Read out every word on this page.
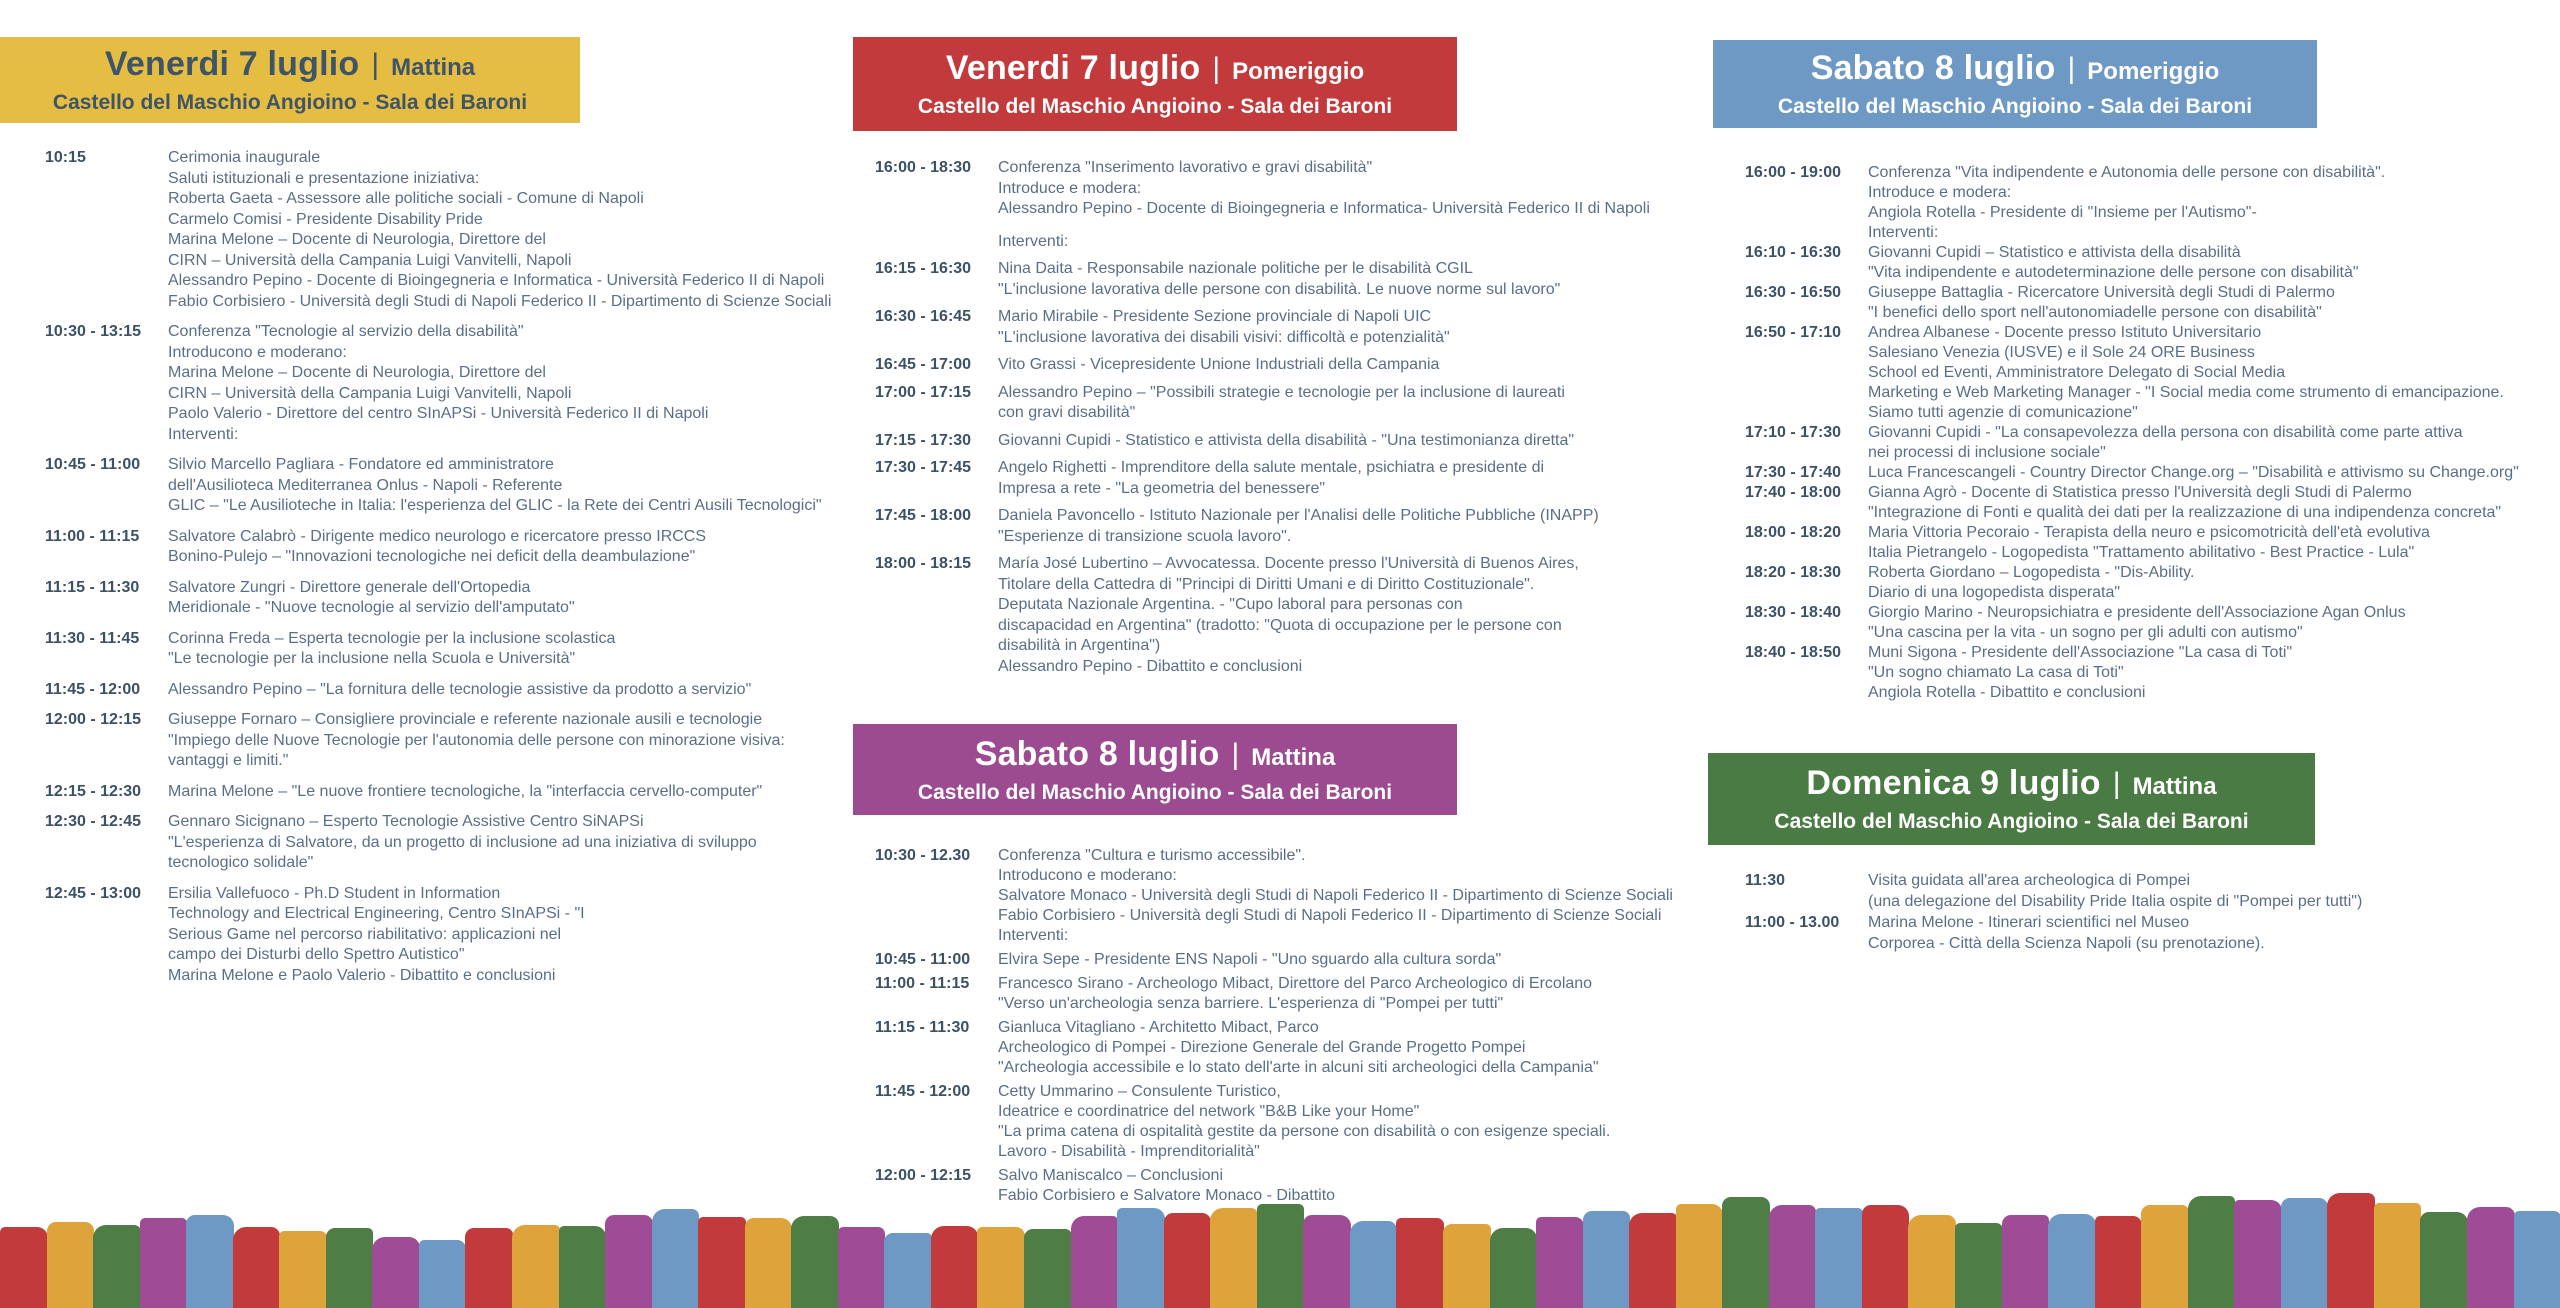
Venerdi 7 luglio | Mattina
Castello del Maschio Angioino - Sala dei Baroni
10:15	Cerimonia inaugurale
Saluti istituzionali e presentazione iniziativa:
Roberta Gaeta - Assessore alle politiche sociali - Comune di Napoli
Carmelo Comisi - Presidente Disability Pride
Marina Melone – Docente di Neurologia, Direttore del
CIRN – Università della Campania Luigi Vanvitelli, Napoli
Alessandro Pepino - Docente di Bioingegneria e Informatica - Università Federico II di Napoli
Fabio Corbisiero - Università degli Studi di Napoli Federico II - Dipartimento di Scienze Sociali
10:30 - 13:15	Conferenza "Tecnologie al servizio della disabilità"
Introducono e moderano:
Marina Melone – Docente di Neurologia, Direttore del
CIRN – Università della Campania Luigi Vanvitelli, Napoli
Paolo Valerio - Direttore del centro SInAPSi - Università Federico II di Napoli
Interventi:
10:45 - 11:00	Silvio Marcello Pagliara - Fondatore ed amministratore
dell'Ausilioteca Mediterranea Onlus - Napoli - Referente
GLIC – "Le Ausilioteche in Italia: l'esperienza del GLIC - la Rete dei Centri Ausili Tecnologici"
11:00 - 11:15	Salvatore Calabrò - Dirigente medico neurologo e ricercatore presso IRCCS
Bonino-Pulejo – "Innovazioni tecnologiche nei deficit della deambulazione"
11:15 - 11:30	Salvatore Zungri - Direttore generale dell'Ortopedia
Meridionale - "Nuove tecnologie al servizio dell'amputato"
11:30 - 11:45	Corinna Freda – Esperta tecnologie per la inclusione scolastica
"Le tecnologie per la inclusione nella Scuola e Università"
11:45 - 12:00	Alessandro Pepino – "La fornitura delle tecnologie assistive da prodotto a servizio"
12:00 - 12:15	Giuseppe Fornaro – Consigliere provinciale e referente nazionale ausili e tecnologie
"Impiego delle Nuove Tecnologie per l'autonomia delle persone con minorazione visiva:
vantaggi e limiti."
12:15 - 12:30	Marina Melone – "Le nuove frontiere tecnologiche, la "interfaccia cervello-computer"
12:30 - 12:45	Gennaro Sicignano – Esperto Tecnologie Assistive Centro SiNAPSi
"L'esperienza di Salvatore, da un progetto di inclusione ad una iniziativa di sviluppo
tecnologico solidale"
12:45 - 13:00	Ersilia Vallefuoco - Ph.D Student in Information
Technology and Electrical Engineering, Centro SInAPSi - "I
Serious Game nel percorso riabilitativo: applicazioni nel
campo dei Disturbi dello Spettro Autistico"
Marina Melone e Paolo Valerio - Dibattito e conclusioni
Venerdi 7 luglio | Pomeriggio
Castello del Maschio Angioino - Sala dei Baroni
16:00 - 18:30	Conferenza "Inserimento lavorativo e gravi disabilità"
Introduce e modera:
Alessandro Pepino - Docente di Bioingegneria e Informatica- Università Federico II di Napoli
Interventi:
16:15 - 16:30	Nina Daita - Responsabile nazionale politiche per le disabilità CGIL
"L'inclusione lavorativa delle persone con disabilità. Le nuove norme sul lavoro"
16:30 - 16:45	Mario Mirabile - Presidente Sezione provinciale di Napoli UIC
"L'inclusione lavorativa dei disabili visivi: difficoltà e potenzialità"
16:45 - 17:00	Vito Grassi - Vicepresidente Unione Industriali della Campania
17:00 - 17:15	Alessandro Pepino – "Possibili strategie e tecnologie per la inclusione di laureati
con gravi disabilità"
17:15 - 17:30	Giovanni Cupidi - Statistico e attivista della disabilità - "Una testimonianza diretta"
17:30 - 17:45	Angelo Righetti - Imprenditore della salute mentale, psichiatra e presidente di
Impresa a rete - "La geometria del benessere"
17:45 - 18:00	Daniela Pavoncello - Istituto Nazionale per l'Analisi delle Politiche Pubbliche (INAPP)
"Esperienze di transizione scuola lavoro".
18:00 - 18:15	María José Lubertino – Avvocatessa. Docente presso l'Università di Buenos Aires,
Titolare della Cattedra di "Principi di Diritti Umani e di Diritto Costituzionale".
Deputata Nazionale Argentina. - "Cupo laboral para personas con
discapacidad en Argentina" (tradotto: "Quota di occupazione per le persone con
disabilità in Argentina")
Alessandro Pepino - Dibattito e conclusioni
Sabato 8 luglio | Mattina
Castello del Maschio Angioino - Sala dei Baroni
10:30 - 12.30	Conferenza "Cultura e turismo accessibile".
Introducono e moderano:
Salvatore Monaco - Università degli Studi di Napoli Federico II - Dipartimento di Scienze Sociali
Fabio Corbisiero - Università degli Studi di Napoli Federico II - Dipartimento di Scienze Sociali
Interventi:
10:45 - 11:00	Elvira Sepe - Presidente ENS Napoli - "Uno sguardo alla cultura sorda"
11:00 - 11:15	Francesco Sirano - Archeologo Mibact, Direttore del Parco Archeologico di Ercolano
"Verso un'archeologia senza barriere. L'esperienza di "Pompei per tutti"
11:15 - 11:30	Gianluca Vitagliano - Architetto Mibact, Parco
Archeologico di Pompei - Direzione Generale del Grande Progetto Pompei
"Archeologia accessibile e lo stato dell'arte in alcuni siti archeologici della Campania"
11:45 - 12:00	Cetty Ummarino – Consulente Turistico,
Ideatrice e coordinatrice del network "B&B Like your Home"
"La prima catena di ospitalità gestite da persone con disabilità o con esigenze speciali.
Lavoro - Disabilità - Imprenditorialità"
12:00 - 12:15	Salvo Maniscalco – Conclusioni
Fabio Corbisiero e Salvatore Monaco - Dibattito
Sabato 8 luglio | Pomeriggio
Castello del Maschio Angioino - Sala dei Baroni
16:00 - 19:00	Conferenza "Vita indipendente e Autonomia delle persone con disabilità".
Introduce e modera:
Angiola Rotella - Presidente di "Insieme per l'Autismo"-
Interventi:
16:10 - 16:30	Giovanni Cupidi – Statistico e attivista della disabilità
"Vita indipendente e autodeterminazione delle persone con disabilità"
16:30 - 16:50	Giuseppe Battaglia - Ricercatore Università degli Studi di Palermo
"I benefici dello sport nell'autonomiadelle persone con disabilità"
16:50 - 17:10	Andrea Albanese - Docente presso Istituto Universitario
Salesiano Venezia (IUSVE) e il Sole 24 ORE Business
School ed Eventi, Amministratore Delegato di Social Media
Marketing e Web Marketing Manager - "I Social media come strumento di emancipazione.
Siamo tutti agenzie di comunicazione"
17:10 - 17:30	Giovanni Cupidi - "La consapevolezza della persona con disabilità come parte attiva
nei processi di inclusione sociale"
17:30 - 17:40	Luca Francescangeli - Country Director Change.org – "Disabilità e attivismo su Change.org"
17:40 - 18:00	Gianna Agrò - Docente di Statistica presso l'Università degli Studi di Palermo
"Integrazione di Fonti e qualità dei dati per la realizzazione di una indipendenza concreta"
18:00 - 18:20	Maria Vittoria Pecoraio - Terapista della neuro e psicomotricità dell'età evolutiva
Italia Pietrangelo - Logopedista "Trattamento abilitativo - Best Practice - Lula"
18:20 - 18:30	Roberta Giordano – Logopedista - "Dis-Ability.
Diario di una logopedista disperata"
18:30 - 18:40	Giorgio Marino - Neuropsichiatra e presidente dell'Associazione Agan Onlus
"Una cascina per la vita - un sogno per gli adulti con autismo"
18:40 - 18:50	Muni Sigona - Presidente dell'Associazione "La casa di Toti"
"Un sogno chiamato La casa di Toti"
Angiola Rotella - Dibattito e conclusioni
Domenica 9 luglio | Mattina
Castello del Maschio Angioino - Sala dei Baroni
11:30	Visita guidata all'area archeologica di Pompei
(una delegazione del Disability Pride Italia ospite di "Pompei per tutti")
11:00 - 13.00	Marina Melone - Itinerari scientifici nel Museo
Corporea - Città della Scienza Napoli (su prenotazione).
